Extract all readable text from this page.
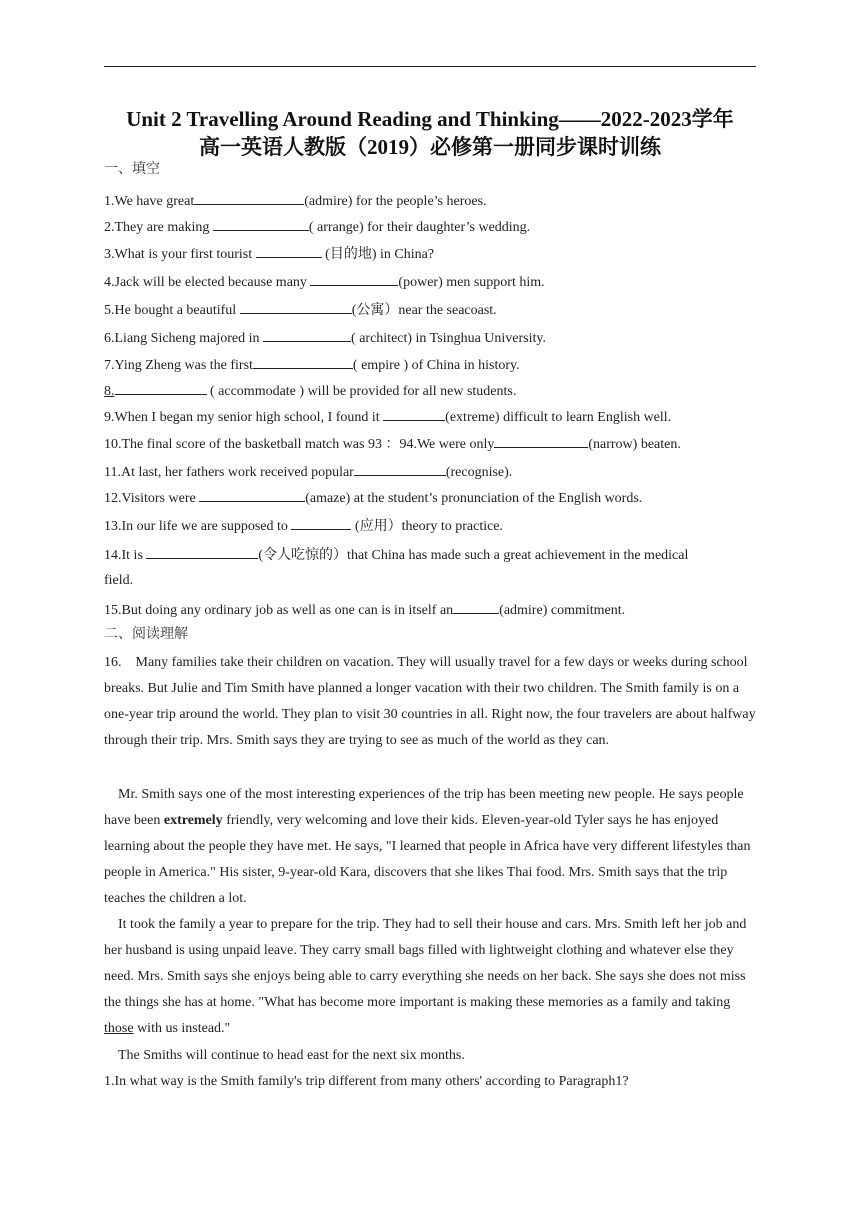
Unit 2 Travelling Around Reading and Thinking——2022-2023学年
高一英语人教版（2019）必修第一册同步课时训练
一、填空
1.We have great	(admire) for the people’s heroes.
2.They are making	( arrange) for their daughter’s wedding.
3.What is your first tourist	(目的地) in China?
4.Jack will be elected because many	(power) men support him.
5.He bought a beautiful	(公寓）near the seacoast.
6.Liang Sicheng majored in	( architect) in Tsinghua University.
7.Ying Zheng was the first	( empire ) of China in history.
8.	( accommodate ) will be provided for all new students.
9.When I began my senior high school, I found it	(extreme) difficult to learn English well.
10.The final score of the basketball match was 93 ：94.We were only	(narrow) beaten.
11.At last, her fathers work received popular	(recognise).
12.Visitors were	(amaze) at the student’s pronunciation of the English words.
13.In our life we are supposed to	(应用）theory to practice.
14.It is	(令人吃惊的）that China has made such a great achievement in the medical
field.
15.But doing any ordinary job as well as one can is in itself an	(admire) commitment.
二、阅读理解
16.　Many families take their children on vacation. They will usually travel for a few days or weeks during school breaks. But Julie and Tim Smith have planned a longer vacation with their two children. The Smith family is on a one-year trip around the world. They plan to visit 30 countries in all. Right now, the four travelers are about halfway through their trip. Mrs. Smith says they are trying to see as much of the world as they can.
Mr. Smith says one of the most interesting experiences of the trip has been meeting new people. He says people have been extremely friendly, very welcoming and love their kids. Eleven-year-old Tyler says he has enjoyed learning about the people they have met. He says, "I learned that people in Africa have very different lifestyles than people in America." His sister, 9-year-old Kara, discovers that she likes Thai food. Mrs. Smith says that the trip teaches the children a lot.
It took the family a year to prepare for the trip. They had to sell their house and cars. Mrs. Smith left her job and her husband is using unpaid leave. They carry small bags filled with lightweight clothing and whatever else they need. Mrs. Smith says she enjoys being able to carry everything she needs on her back. She says she does not miss the things she has at home. "What has become more important is making these memories as a family and taking those with us instead."
The Smiths will continue to head east for the next six months.
1.In what way is the Smith family's trip different from many others' according to Paragraph1?
